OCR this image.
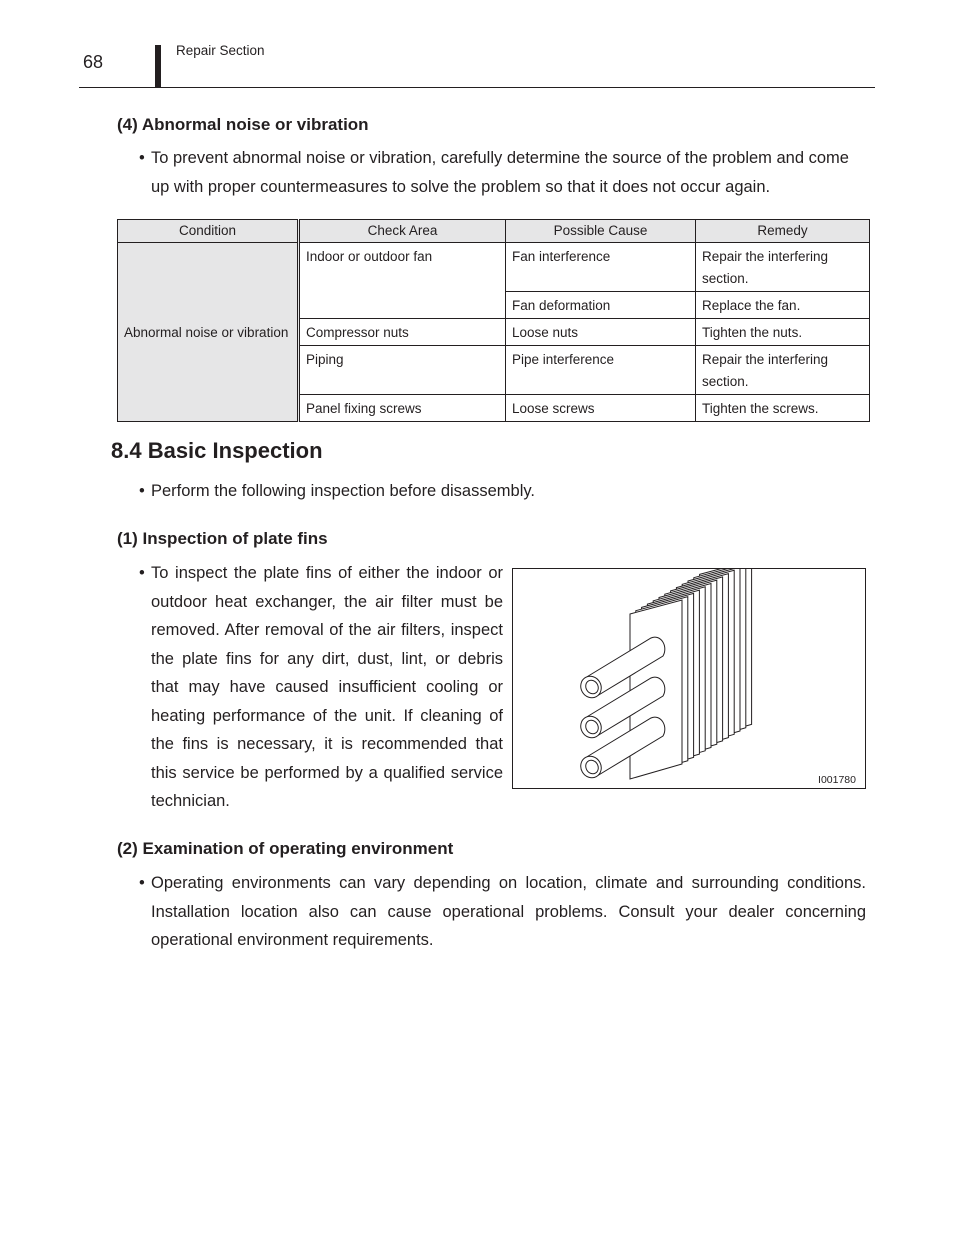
68
Repair Section
(4) Abnormal noise or vibration
• To prevent abnormal noise or vibration, carefully determine the source of the problem and come up with proper countermeasures to solve the problem so that it does not occur again.
Condition	Check Area	Possible Cause	Remedy
Abnormal noise or vibration	Indoor or outdoor fan	Fan interference	Repair the interfering section.
		Fan deformation	Replace the fan.
	Compressor nuts	Loose nuts	Tighten the nuts.
	Piping	Pipe interference	Repair the interfering section.
	Panel fixing screws	Loose screws	Tighten the screws.
8.4 Basic Inspection
• Perform the following inspection before disassembly.
(1) Inspection of plate fins
• To inspect the plate fins of either the indoor or outdoor heat exchanger, the air filter must be removed. After removal of the air filters, inspect the plate fins for any dirt, dust, lint, or debris that may have caused insufficient cooling or heating performance of the unit. If cleaning of the fins is necessary, it is recommended that this service be performed by a qualified service technician.
I001780
(2) Examination of operating environment
• Operating environments can vary depending on location, climate and surrounding conditions. Installation location also can cause operational problems. Consult your dealer concerning operational environment requirements.
